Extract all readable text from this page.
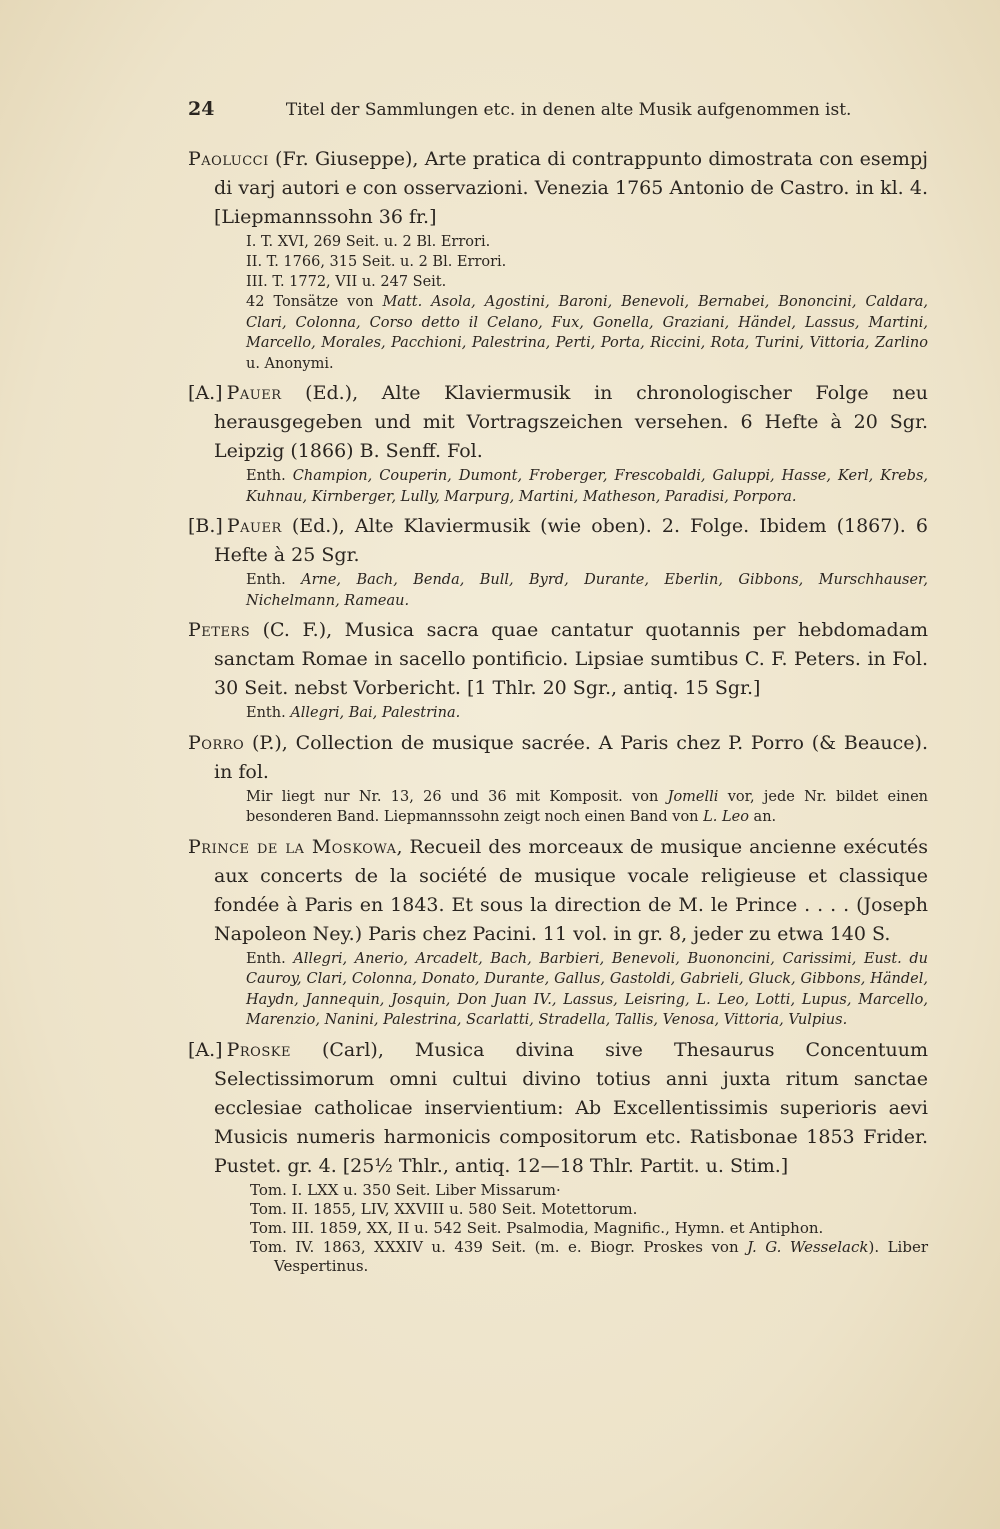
24	Titel der Sammlungen etc. in denen alte Musik aufgenommen ist.
Paolucci (Fr. Giuseppe), Arte pratica di contrappunto dimostrata con esempj di varj autori e con osservazioni. Venezia 1765 Antonio de Castro. in kl. 4. [Liepmannssohn 36 fr.]
I. T. XVI, 269 Seit. u. 2 Bl. Errori.
II. T. 1766, 315 Seit. u. 2 Bl. Errori.
III. T. 1772, VII u. 247 Seit.
42 Tonsätze von Matt. Asola, Agostini, Baroni, Benevoli, Bernabei, Bononcini, Caldara, Clari, Colonna, Corso detto il Celano, Fux, Gonella, Graziani, Händel, Lassus, Martini, Marcello, Morales, Pacchioni, Palestrina, Perti, Porta, Riccini, Rota, Turini, Vittoria, Zarlino u. Anonymi.
[A.] Pauer (Ed.), Alte Klaviermusik in chronologischer Folge neu herausgegeben und mit Vortragszeichen versehen. 6 Hefte à 20 Sgr. Leipzig (1866) B. Senff. Fol.
Enth. Champion, Couperin, Dumont, Froberger, Frescobaldi, Galuppi, Hasse, Kerl, Krebs, Kuhnau, Kirnberger, Lully, Marpurg, Martini, Matheson, Paradisi, Porpora.
[B.] Pauer (Ed.), Alte Klaviermusik (wie oben). 2. Folge. Ibidem (1867). 6 Hefte à 25 Sgr.
Enth. Arne, Bach, Benda, Bull, Byrd, Durante, Eberlin, Gibbons, Murschhauser, Nichelmann, Rameau.
Peters (C. F.), Musica sacra quae cantatur quotannis per hebdomadam sanctam Romae in sacello pontificio. Lipsiae sumtibus C. F. Peters. in Fol. 30 Seit. nebst Vorbericht. [1 Thlr. 20 Sgr., antiq. 15 Sgr.]
Enth. Allegri, Bai, Palestrina.
Porro (P.), Collection de musique sacrée. A Paris chez P. Porro (& Beauce). in fol.
Mir liegt nur Nr. 13, 26 und 36 mit Komposit. von Jomelli vor, jede Nr. bildet einen besonderen Band. Liepmannssohn zeigt noch einen Band von L. Leo an.
Prince de la Moskowa, Recueil des morceaux de musique ancienne exécutés aux concerts de la société de musique vocale religieuse et classique fondée à Paris en 1843. Et sous la direction de M. le Prince . . . . (Joseph Napoleon Ney.) Paris chez Pacini. 11 vol. in gr. 8, jeder zu etwa 140 S.
Enth. Allegri, Anerio, Arcadelt, Bach, Barbieri, Benevoli, Buononcini, Carissimi, Eust. du Cauroy, Clari, Colonna, Donato, Durante, Gallus, Gastoldi, Gabrieli, Gluck, Gibbons, Händel, Haydn, Jannequin, Josquin, Don Juan IV., Lassus, Leisring, L. Leo, Lotti, Lupus, Marcello, Marenzio, Nanini, Palestrina, Scarlatti, Stradella, Tallis, Venosa, Vittoria, Vulpius.
[A.] Proske (Carl), Musica divina sive Thesaurus Concentuum Selectissimorum omni cultui divino totius anni juxta ritum sanctae ecclesiae catholicae inservientium: Ab Excellentissimis superioris aevi Musicis numeris harmonicis compositorum etc. Ratisbonae 1853 Frider. Pustet. gr. 4. [25½ Thlr., antiq. 12—18 Thlr. Partit. u. Stim.]
Tom. I. LXX u. 350 Seit. Liber Missarum·
Tom. II. 1855, LIV, XXVIII u. 580 Seit. Motettorum.
Tom. III. 1859, XX, II u. 542 Seit. Psalmodia, Magnific., Hymn. et Antiphon.
Tom. IV. 1863, XXXIV u. 439 Seit. (m. e. Biogr. Proskes von J. G. Wesselack). Liber Vespertinus.
